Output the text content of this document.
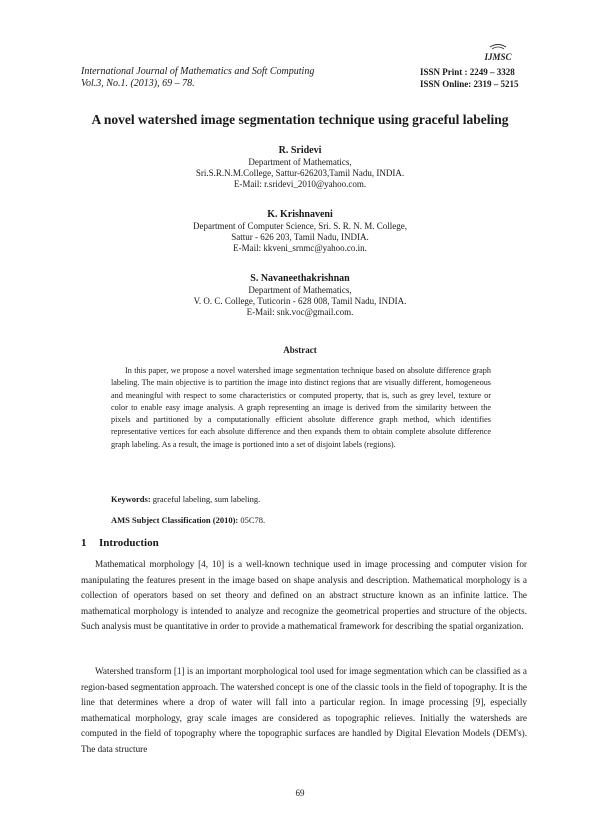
International Journal of Mathematics and Soft Computing
Vol.3, No.1. (2013), 69 – 78.
IJMSC
ISSN Print : 2249 – 3328
ISSN Online: 2319 – 5215
A novel watershed image segmentation technique using graceful labeling
R. Sridevi
Department of Mathematics,
Sri.S.R.N.M.College, Sattur-626203,Tamil Nadu, INDIA.
E-Mail: r.sridevi_2010@yahoo.com.
K. Krishnaveni
Department of Computer Science, Sri. S. R. N. M. College,
Sattur - 626 203, Tamil Nadu, INDIA.
E-Mail: kkveni_srnmc@yahoo.co.in.
S. Navaneethakrishnan
Department of Mathematics,
V. O. C. College, Tuticorin - 628 008, Tamil Nadu, INDIA.
E-Mail: snk.voc@gmail.com.
Abstract
In this paper, we propose a novel watershed image segmentation technique based on absolute difference graph labeling. The main objective is to partition the image into distinct regions that are visually different, homogeneous and meaningful with respect to some characteristics or computed property, that is, such as grey level, texture or color to enable easy image analysis. A graph representing an image is derived from the similarity between the pixels and partitioned by a computationally efficient absolute difference graph method, which identifies representative vertices for each absolute difference and then expands them to obtain complete absolute difference graph labeling. As a result, the image is portioned into a set of disjoint labels (regions).
Keywords: graceful labeling, sum labeling.
AMS Subject Classification (2010): 05C78.
1 Introduction
Mathematical morphology [4, 10] is a well-known technique used in image processing and computer vision for manipulating the features present in the image based on shape analysis and description. Mathematical morphology is a collection of operators based on set theory and defined on an abstract structure known as an infinite lattice. The mathematical morphology is intended to analyze and recognize the geometrical properties and structure of the objects. Such analysis must be quantitative in order to provide a mathematical framework for describing the spatial organization.
Watershed transform [1] is an important morphological tool used for image segmentation which can be classified as a region-based segmentation approach. The watershed concept is one of the classic tools in the field of topography. It is the line that determines where a drop of water will fall into a particular region. In image processing [9], especially mathematical morphology, gray scale images are considered as topographic relieves. Initially the watersheds are computed in the field of topography where the topographic surfaces are handled by Digital Elevation Models (DEM's). The data structure
69
